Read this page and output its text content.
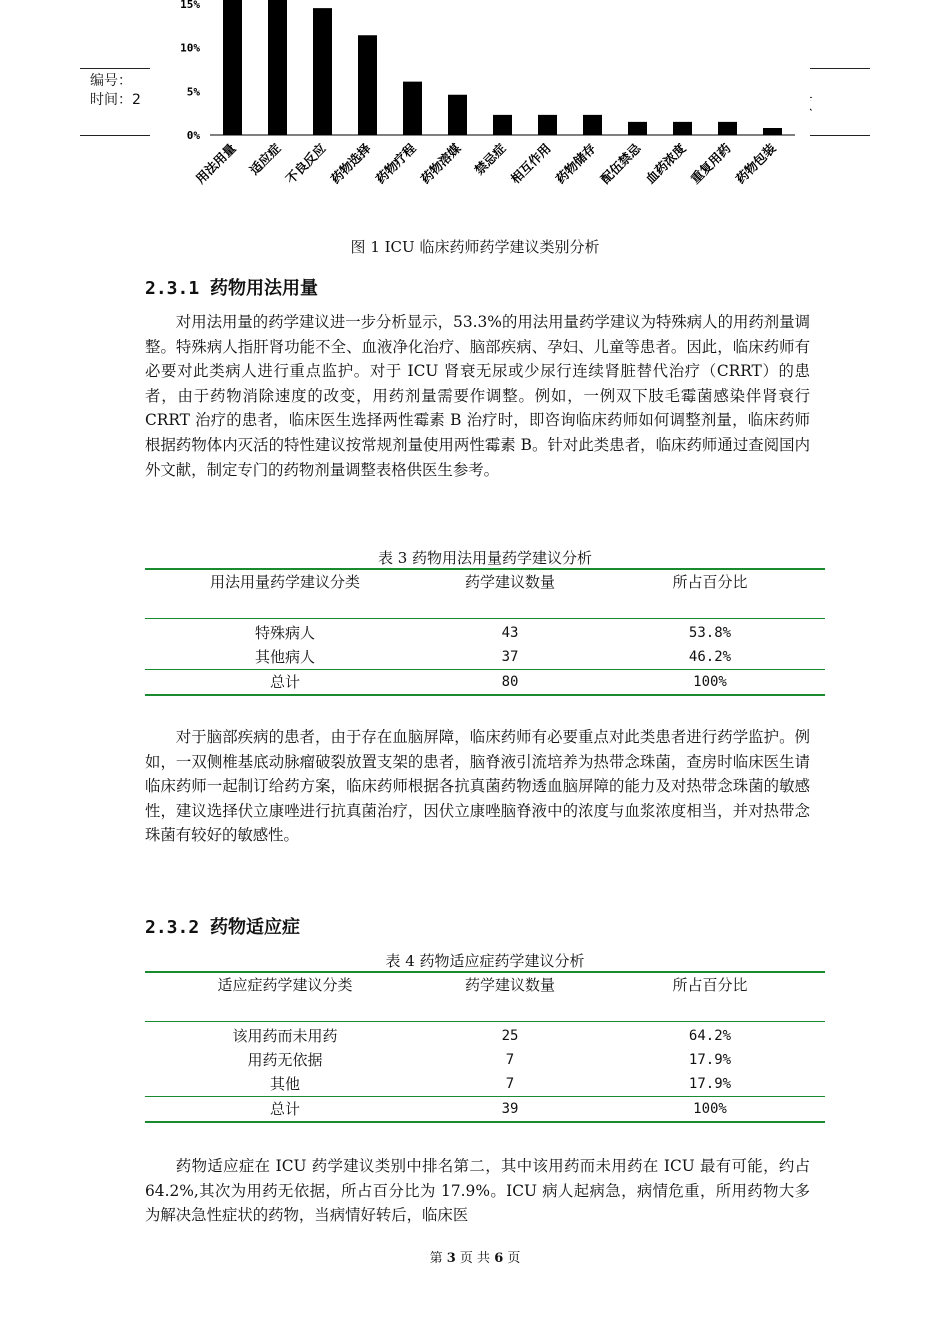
编号：
时间：2	页
0%
5%
10%
15%
用法用量 适应症 不良反应 药物选择 药物疗程 药物溶媒 禁忌症 相互作用 药物储存 配伍禁忌 血药浓度 重复用药 药物包装
图 1 ICU 临床药师药学建议类别分析
2.3.1 药物用法用量

对用法用量的药学建议进一步分析显示，53.3%的用法用量药学建议为特殊病人的用药剂量调整。特殊病人指肝肾功能不全、血液净化治疗、脑部疾病、孕妇、儿童等患者。因此，临床药师有必要对此类病人进行重点监护。对于 ICU 肾衰无尿或少尿行连续肾脏替代治疗（CRRT）的患者，由于药物消除速度的改变，用药剂量需要作调整。例如，一例双下肢毛霉菌感染伴肾衰行 CRRT 治疗的患者，临床医生选择两性霉素 B 治疗时，即咨询临床药师如何调整剂量，临床药师根据药物体内灭活的特性建议按常规剂量使用两性霉素 B。针对此类患者，临床药师通过查阅国内外文献，制定专门的药物剂量调整表格供医生参考。

表 3 药物用法用量药学建议分析
用法用量药学建议分类	药学建议数量	所占百分比
特殊病人	43	53.8%
其他病人	37	46.2%
总计	80	100%

对于脑部疾病的患者，由于存在血脑屏障，临床药师有必要重点对此类患者进行药学监护。例如，一双侧椎基底动脉瘤破裂放置支架的患者，脑脊液引流培养为热带念珠菌，查房时临床医生请临床药师一起制订给药方案，临床药师根据各抗真菌药物透血脑屏障的能力及对热带念珠菌的敏感性，建议选择伏立康唑进行抗真菌治疗，因伏立康唑脑脊液中的浓度与血浆浓度相当，并对热带念珠菌有较好的敏感性。

2.3.2 药物适应症
表 4 药物适应症药学建议分析
适应症药学建议分类	药学建议数量	所占百分比
该用药而未用药	25	64.2%
用药无依据	7	17.9%
其他	7	17.9%
总计	39	100%

药物适应症在 ICU 药学建议类别中排名第二，其中该用药而未用药在 ICU 最有可能，约占 64.2%,其次为用药无依据，所占百分比为 17.9%。ICU 病人起病急，病情危重，所用药物大多为解决急性症状的药物，当病情好转后，临床医

第 3 页 共 6 页
